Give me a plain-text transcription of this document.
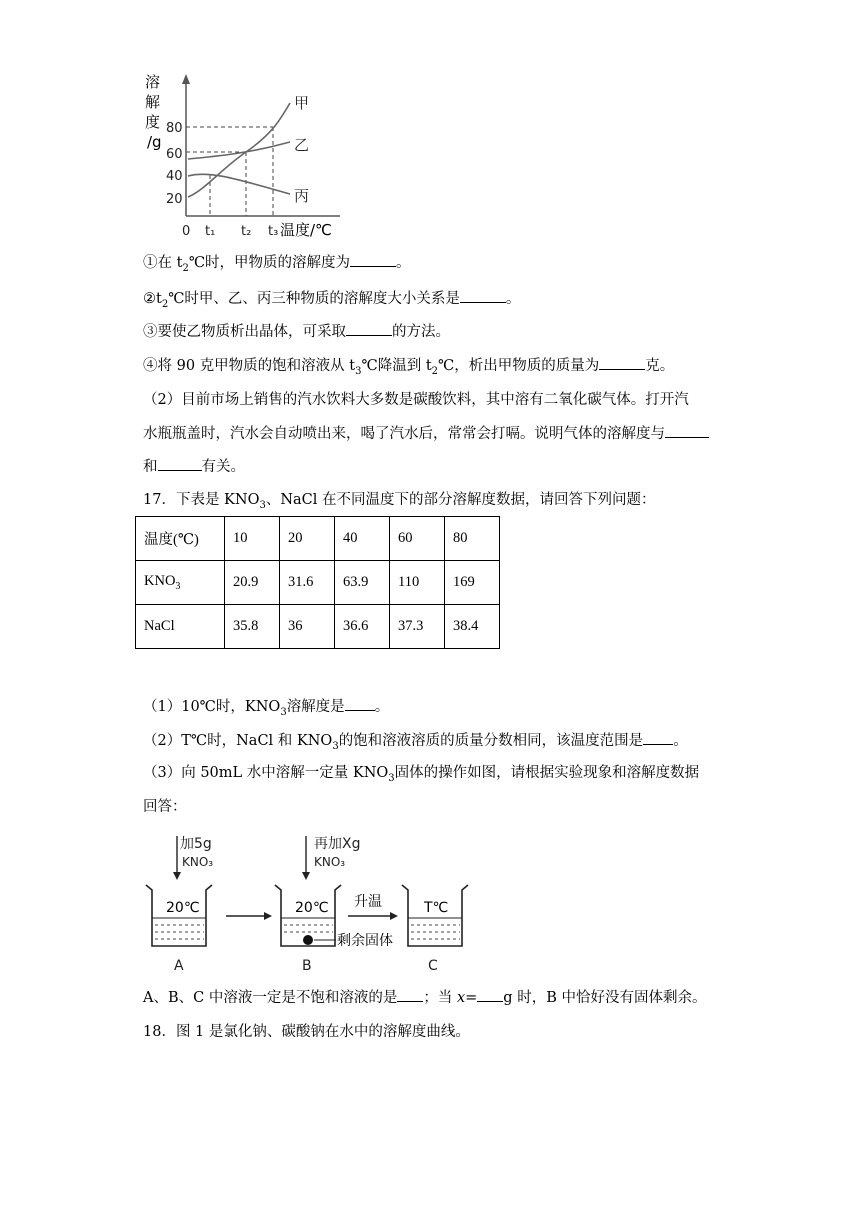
溶
解
度
/g
80
60
40
20
甲
乙
丙
0 t₁ t₂ t₃ 温度/℃
①在 $t_2℃$时，甲物质的溶解度为	。
$②t_2℃$时甲、乙、丙三种物质的溶解度大小关系是	。
③要使乙物质析出晶体，可采取	的方法。
④将 90 克甲物质的饱和溶液从 $t_3℃$降温到 $t_2℃$，析出甲物质的质量为	克。
（2）目前市场上销售的汽水饮料大多数是碳酸饮料，其中溶有二氧化碳气体。打开汽
水瓶瓶盖时，汽水会自动喷出来，喝了汽水后，常常会打嗝。说明气体的溶解度与
和	有关。
17．下表是 $KNO_3$、NaCl 在不同温度下的部分溶解度数据，请回答下列问题：
温度(℃)	10	20	40	60	80
$KNO_3$	20.9	31.6	63.9	110	169
NaCl	35.8	36	36.6	37.3	38.4
（1）10℃时，$KNO_3$溶解度是 。
（2）T℃时，NaCl 和 $KNO_3$的饱和溶液溶质的质量分数相同，该温度范围是 。
（3）向 50mL 水中溶解一定量 $KNO_3$固体的操作如图，请根据实验现象和溶解度数据
回答：
加5g
KNO₃
再加Xg
KNO₃
20℃	20℃
剩余固体
升温	T℃
A	B	C
A、B、C 中溶液一定是不饱和溶液的是 ；当 x= g 时，B 中恰好没有固体剩余。
18．图 1 是氯化钠、碳酸钠在水中的溶解度曲线。
